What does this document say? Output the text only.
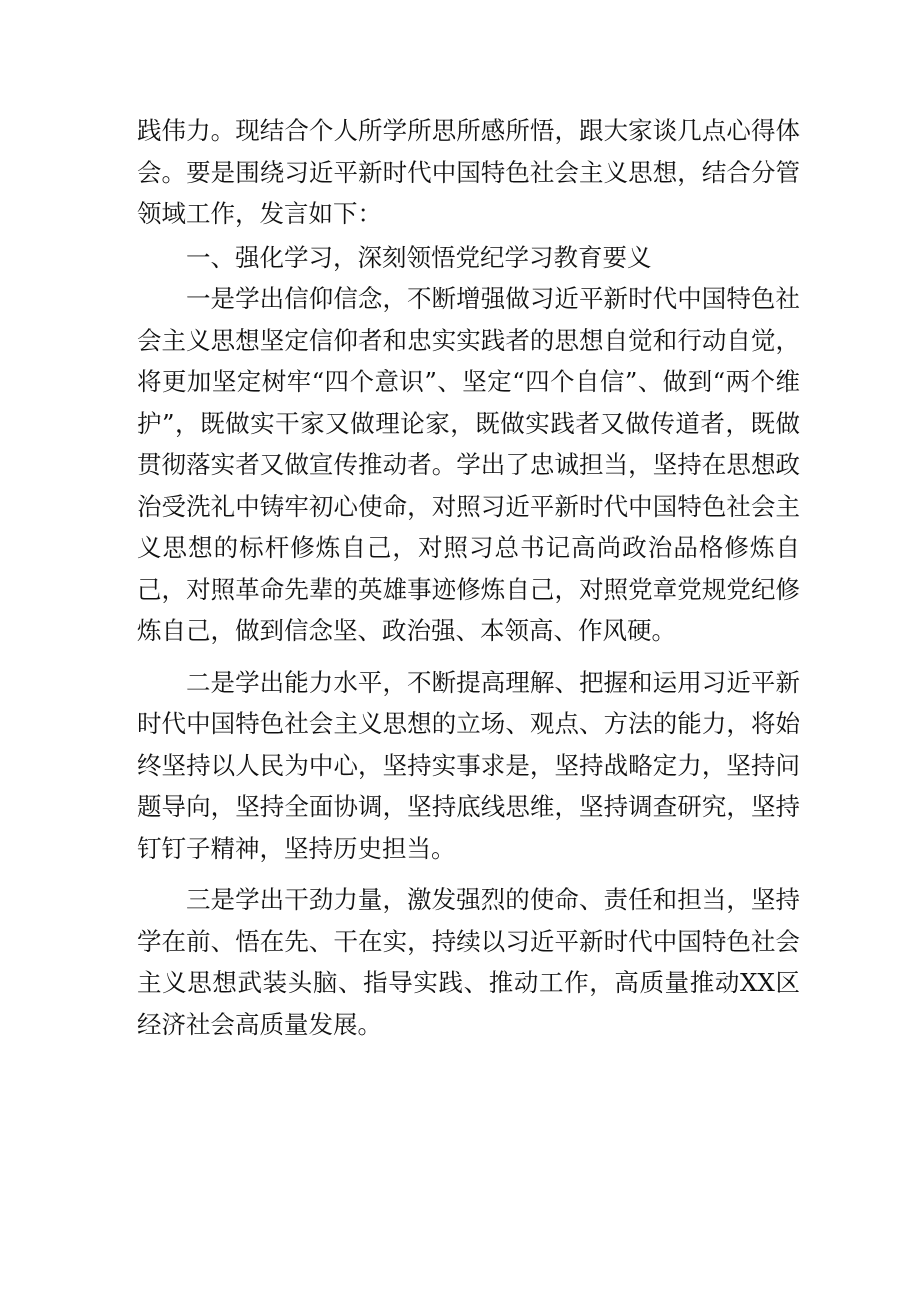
践伟力。现结合个人所学所思所感所悟，跟大家谈几点心得体会。要是围绕习近平新时代中国特色社会主义思想，结合分管领域工作，发言如下：

一、强化学习，深刻领悟党纪学习教育要义

一是学出信仰信念，不断增强做习近平新时代中国特色社会主义思想坚定信仰者和忠实实践者的思想自觉和行动自觉，将更加坚定树牢“四个意识”、坚定“四个自信”、做到“两个维护”，既做实干家又做理论家，既做实践者又做传道者，既做贯彻落实者又做宣传推动者。学出了忠诚担当，坚持在思想政治受洗礼中铸牢初心使命，对照习近平新时代中国特色社会主义思想的标杆修炼自己，对照习总书记高尚政治品格修炼自己，对照革命先辈的英雄事迹修炼自己，对照党章党规党纪修炼自己，做到信念坚、政治强、本领高、作风硬。

二是学出能力水平，不断提高理解、把握和运用习近平新时代中国特色社会主义思想的立场、观点、方法的能力，将始终坚持以人民为中心，坚持实事求是，坚持战略定力，坚持问题导向，坚持全面协调，坚持底线思维，坚持调查研究，坚持钉钉子精神，坚持历史担当。

三是学出干劲力量，激发强烈的使命、责任和担当，坚持学在前、悟在先、干在实，持续以习近平新时代中国特色社会主义思想武装头脑、指导实践、推动工作，高质量推动XX区经济社会高质量发展。
